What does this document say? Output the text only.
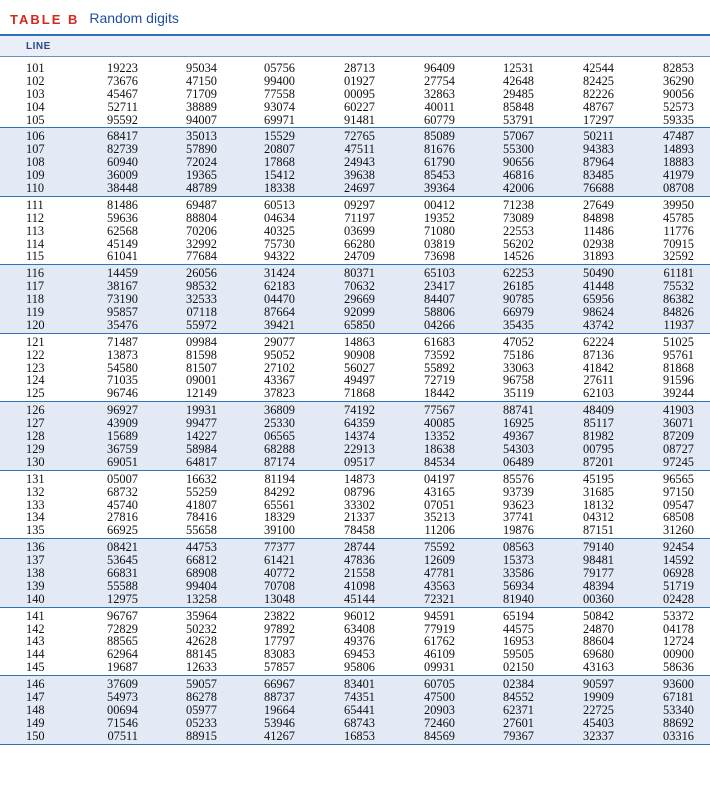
TABLE B Random digits
LINE
101	19223	95034	05756	28713	96409	12531	42544	82853
102	73676	47150	99400	01927	27754	42648	82425	36290
103	45467	71709	77558	00095	32863	29485	82226	90056
104	52711	38889	93074	60227	40011	85848	48767	52573
105	95592	94007	69971	91481	60779	53791	17297	59335
106	68417	35013	15529	72765	85089	57067	50211	47487
107	82739	57890	20807	47511	81676	55300	94383	14893
108	60940	72024	17868	24943	61790	90656	87964	18883
109	36009	19365	15412	39638	85453	46816	83485	41979
110	38448	48789	18338	24697	39364	42006	76688	08708
111	81486	69487	60513	09297	00412	71238	27649	39950
112	59636	88804	04634	71197	19352	73089	84898	45785
113	62568	70206	40325	03699	71080	22553	11486	11776
114	45149	32992	75730	66280	03819	56202	02938	70915
115	61041	77684	94322	24709	73698	14526	31893	32592
116	14459	26056	31424	80371	65103	62253	50490	61181
117	38167	98532	62183	70632	23417	26185	41448	75532
118	73190	32533	04470	29669	84407	90785	65956	86382
119	95857	07118	87664	92099	58806	66979	98624	84826
120	35476	55972	39421	65850	04266	35435	43742	11937
121	71487	09984	29077	14863	61683	47052	62224	51025
122	13873	81598	95052	90908	73592	75186	87136	95761
123	54580	81507	27102	56027	55892	33063	41842	81868
124	71035	09001	43367	49497	72719	96758	27611	91596
125	96746	12149	37823	71868	18442	35119	62103	39244
126	96927	19931	36809	74192	77567	88741	48409	41903
127	43909	99477	25330	64359	40085	16925	85117	36071
128	15689	14227	06565	14374	13352	49367	81982	87209
129	36759	58984	68288	22913	18638	54303	00795	08727
130	69051	64817	87174	09517	84534	06489	87201	97245
131	05007	16632	81194	14873	04197	85576	45195	96565
132	68732	55259	84292	08796	43165	93739	31685	97150
133	45740	41807	65561	33302	07051	93623	18132	09547
134	27816	78416	18329	21337	35213	37741	04312	68508
135	66925	55658	39100	78458	11206	19876	87151	31260
136	08421	44753	77377	28744	75592	08563	79140	92454
137	53645	66812	61421	47836	12609	15373	98481	14592
138	66831	68908	40772	21558	47781	33586	79177	06928
139	55588	99404	70708	41098	43563	56934	48394	51719
140	12975	13258	13048	45144	72321	81940	00360	02428
141	96767	35964	23822	96012	94591	65194	50842	53372
142	72829	50232	97892	63408	77919	44575	24870	04178
143	88565	42628	17797	49376	61762	16953	88604	12724
144	62964	88145	83083	69453	46109	59505	69680	00900
145	19687	12633	57857	95806	09931	02150	43163	58636
146	37609	59057	66967	83401	60705	02384	90597	93600
147	54973	86278	88737	74351	47500	84552	19909	67181
148	00694	05977	19664	65441	20903	62371	22725	53340
149	71546	05233	53946	68743	72460	27601	45403	88692
150	07511	88915	41267	16853	84569	79367	32337	03316
